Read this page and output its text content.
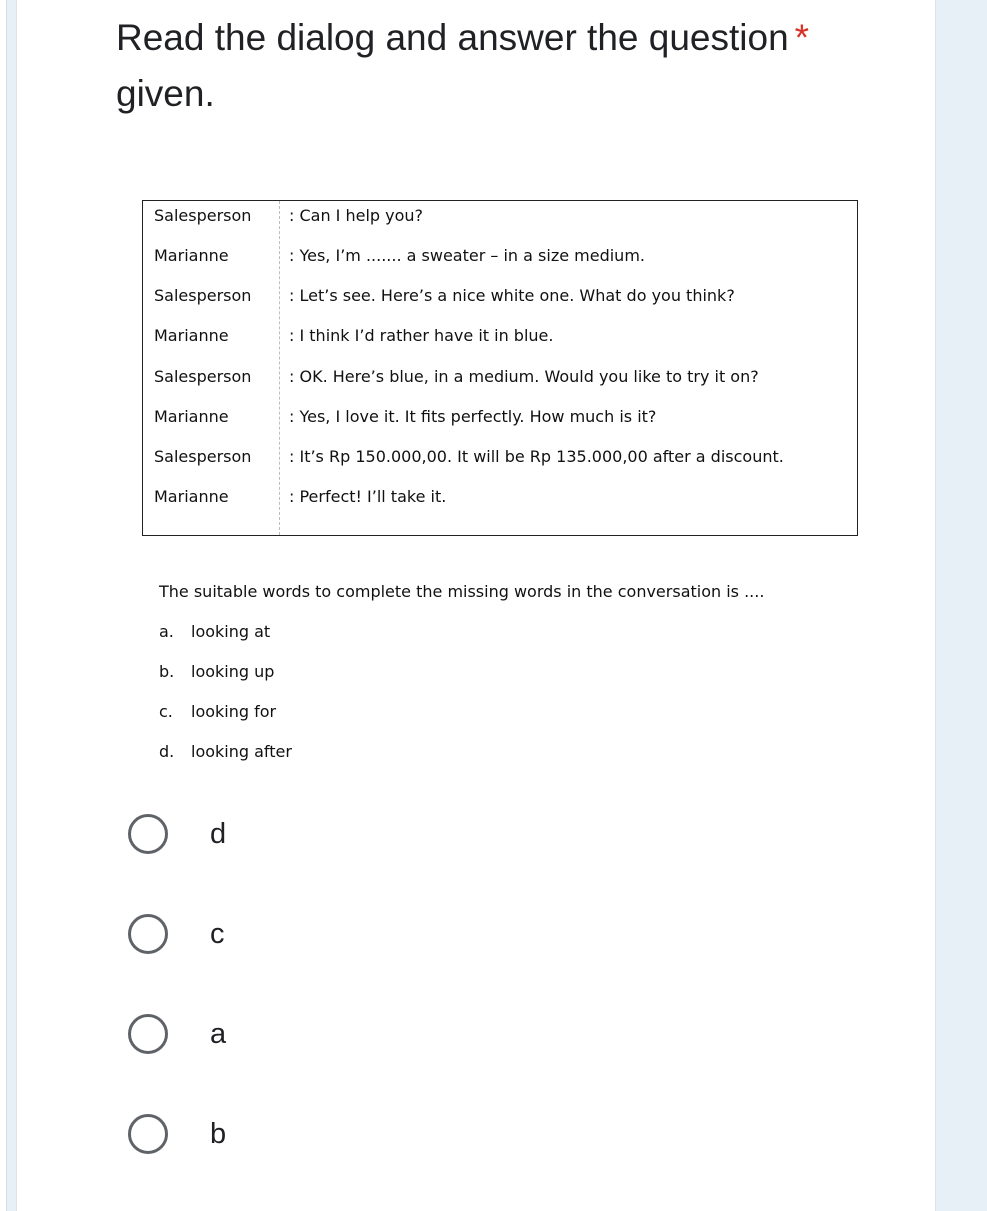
Read the dialog and answer the question *
given.
Salesperson : Can I help you?
Marianne	: Yes, I’m ....... a sweater – in a size medium.
Salesperson : Let’s see. Here’s a nice white one. What do you think?
Marianne	: I think I’d rather have it in blue.
Salesperson : OK. Here’s blue, in a medium. Would you like to try it on?
Marianne	: Yes, I love it. It fits perfectly. How much is it?
Salesperson : It’s Rp 150.000,00. It will be Rp 135.000,00 after a discount.
Marianne	: Perfect! I’ll take it.
The suitable words to complete the missing words in the conversation is ....
a. looking at
b. looking up
c. looking for
d. looking after
d
c
a
b
